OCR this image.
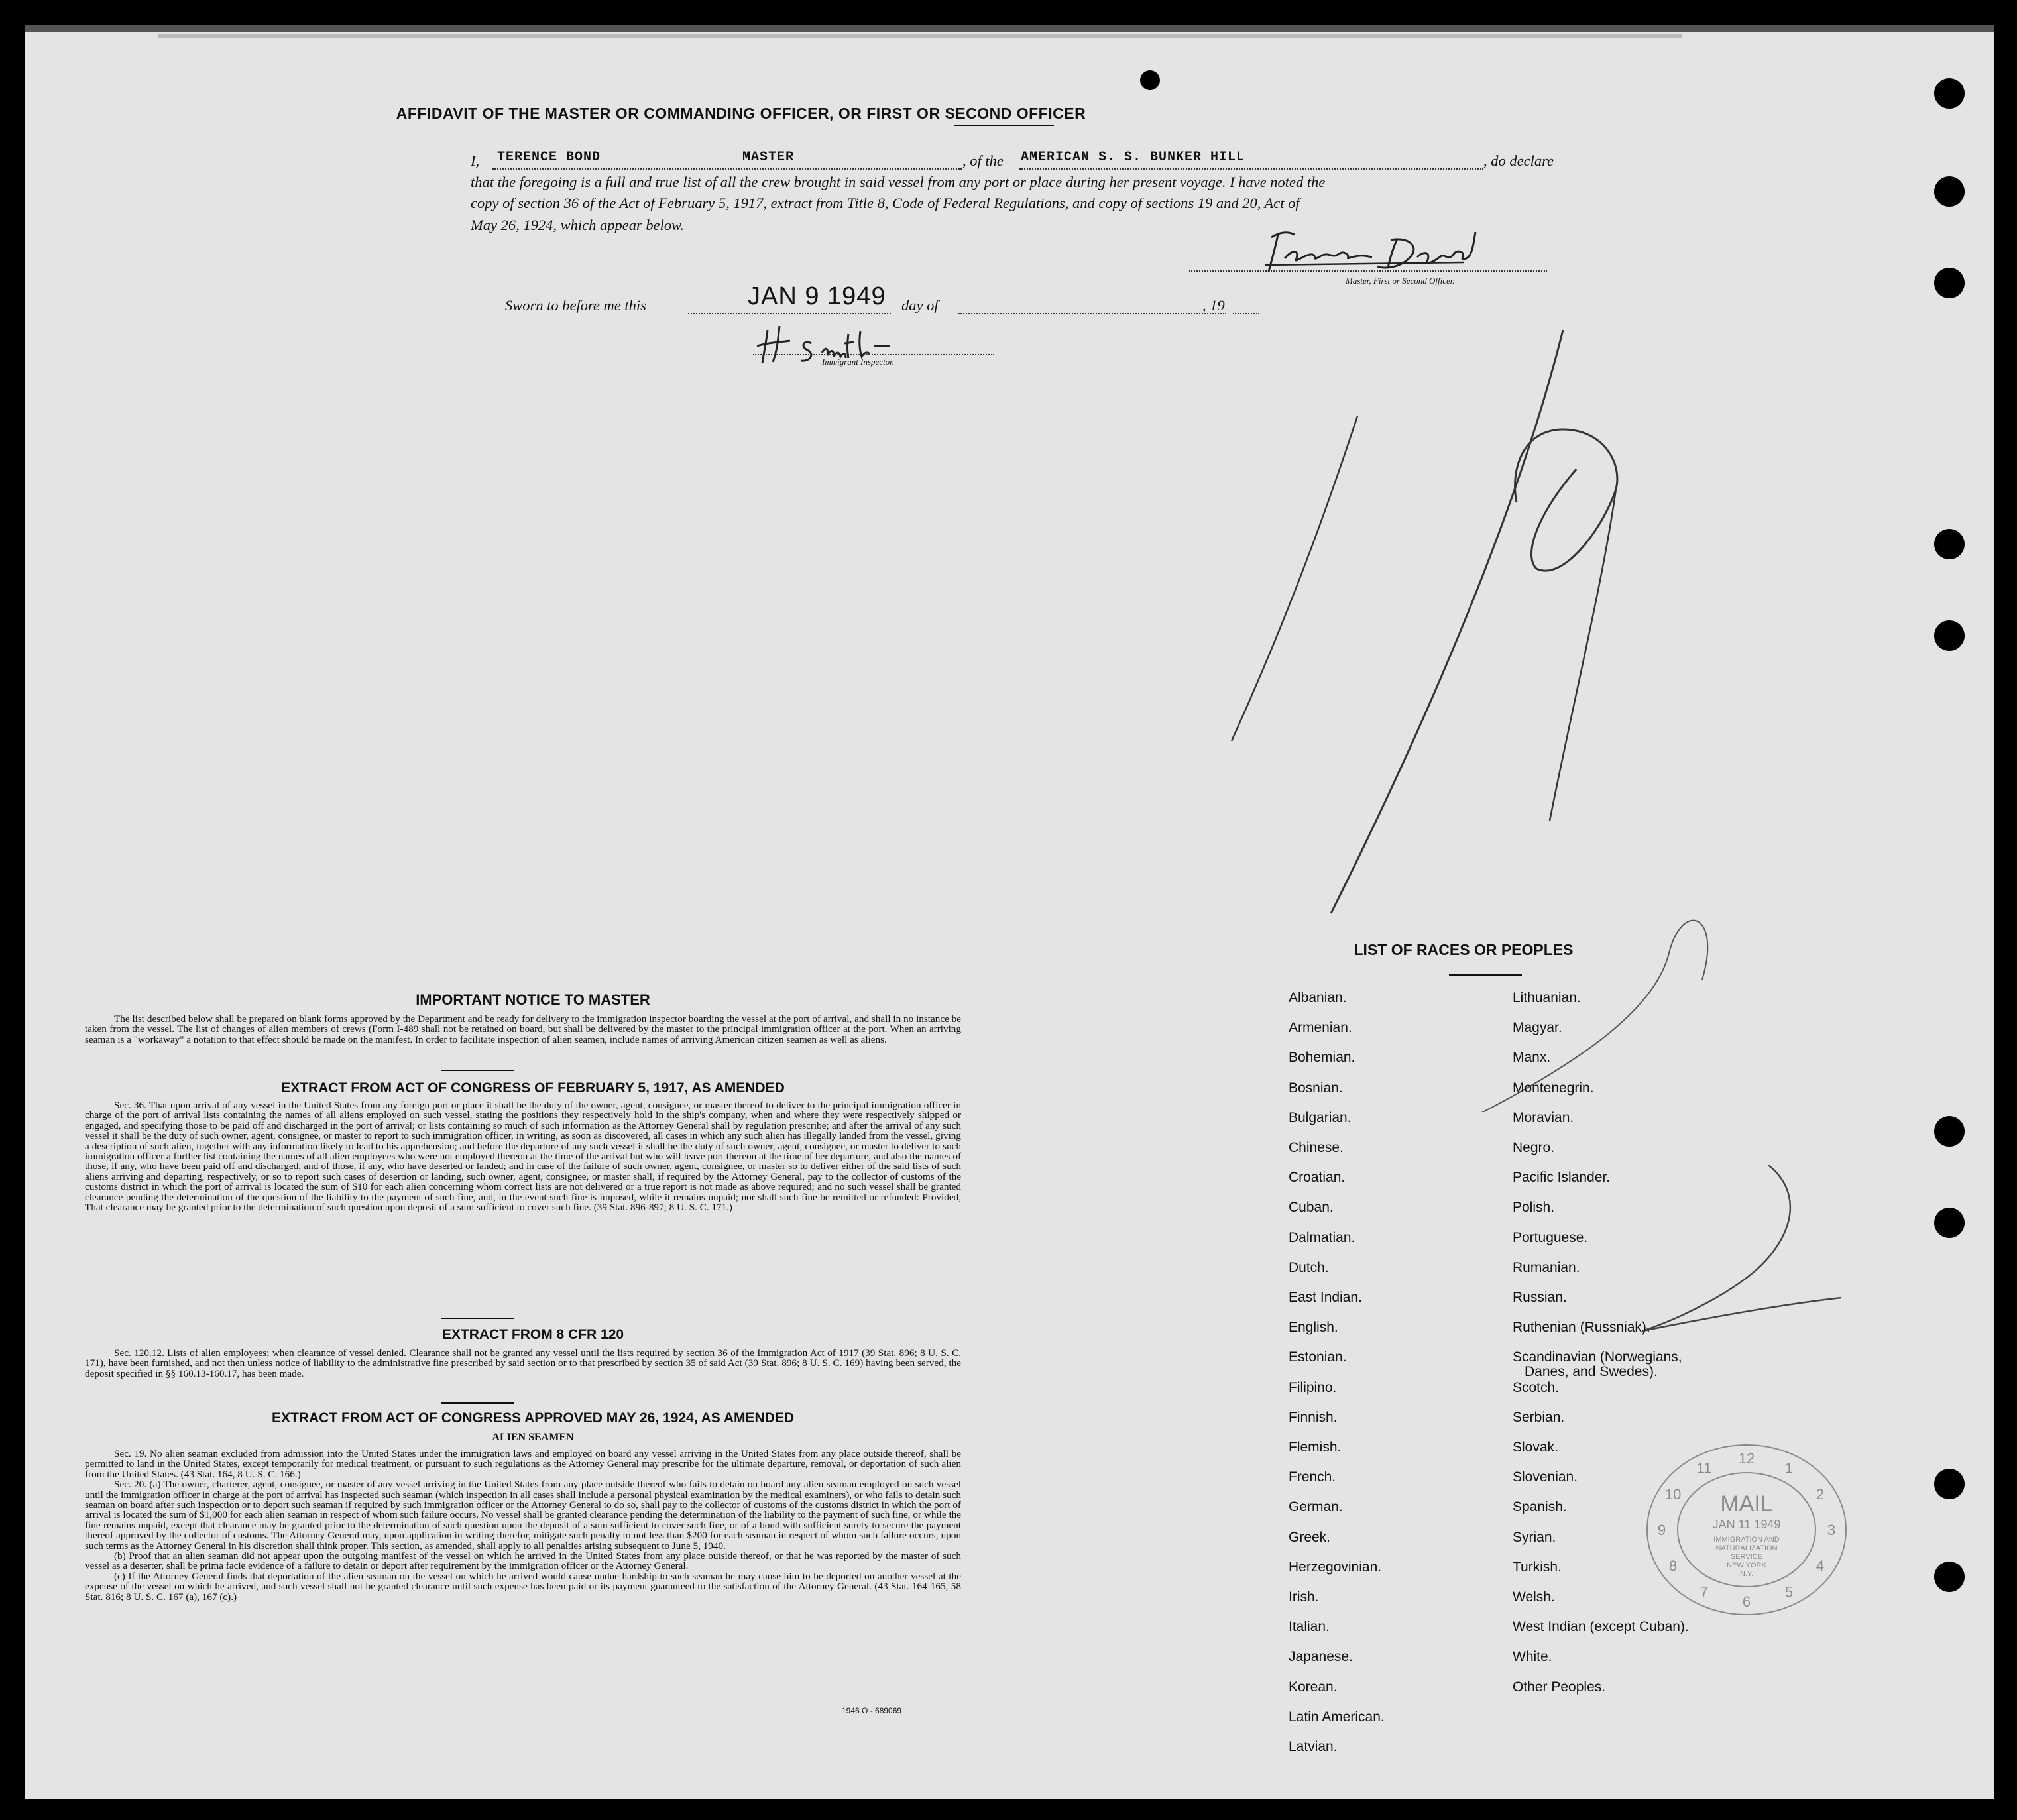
AFFIDAVIT OF THE MASTER OR COMMANDING OFFICER, OR FIRST OR SECOND OFFICER
I, TERENCE BOND	MASTER	, of the AMERICAN S. S. BUNKER HILL	, do declare
that the foregoing is a full and true list of all the crew brought in said vessel from any port or place during her present voyage. I have noted the
copy of section 36 of the Act of February 5, 1917, extract from Title 8, Code of Federal Regulations, and copy of sections 19 and 20, Act of
May 26, 1924, which appear below.
Master, First or Second Officer.
Sworn to before me this	JAN 9 1949 day of	, 19
Immigrant Inspector.
IMPORTANT NOTICE TO MASTER

The list described below shall be prepared on blank forms approved by the Department and be ready for delivery to the immigration inspector boarding the vessel at the port of arrival, and shall in no instance be taken from the vessel. The list of changes of alien members of crews (Form I-489 shall not be retained on board, but shall be delivered by the master to the principal immigration officer at the port. When an arriving seaman is a "workaway" a notation to that effect should be made on the manifest. In order to facilitate inspection of alien seamen, include names of arriving American citizen seamen as well as aliens.

EXTRACT FROM ACT OF CONGRESS OF FEBRUARY 5, 1917, AS AMENDED

Sec. 36. That upon arrival of any vessel in the United States from any foreign port or place it shall be the duty of the owner, agent, consignee, or master thereof to deliver to the principal immigration officer in charge of the port of arrival lists containing the names of all aliens employed on such vessel, stating the positions they respectively hold in the ship's company, when and where they were respectively shipped or engaged, and specifying those to be paid off and discharged in the port of arrival; or lists containing so much of such information as the Attorney General shall by regulation prescribe; and after the arrival of any such vessel it shall be the duty of such owner, agent, consignee, or master to report to such immigration officer, in writing, as soon as discovered, all cases in which any such alien has illegally landed from the vessel, giving a description of such alien, together with any information likely to lead to his apprehension; and before the departure of any such vessel it shall be the duty of such owner, agent, consignee, or master to deliver to such immigration officer a further list containing the names of all alien employees who were not employed thereon at the time of the arrival but who will leave port thereon at the time of her departure, and also the names of those, if any, who have been paid off and discharged, and of those, if any, who have deserted or landed; and in case of the failure of such owner, agent, consignee, or master so to deliver either of the said lists of such aliens arriving and departing, respectively, or so to report such cases of desertion or landing, such owner, agent, consignee, or master shall, if required by the Attorney General, pay to the collector of customs of the customs district in which the port of arrival is located the sum of $10 for each alien concerning whom correct lists are not delivered or a true report is not made as above required; and no such vessel shall be granted clearance pending the determination of the question of the liability to the payment of such fine, and, in the event such fine is imposed, while it remains unpaid; nor shall such fine be remitted or refunded: Provided, That clearance may be granted prior to the determination of such question upon deposit of a sum sufficient to cover such fine. (39 Stat. 896-897; 8 U. S. C. 171.)

EXTRACT FROM 8 CFR 120

Sec. 120.12. Lists of alien employees; when clearance of vessel denied. Clearance shall not be granted any vessel until the lists required by section 36 of the Immigration Act of 1917 (39 Stat. 896; 8 U. S. C. 171), have been furnished, and not then unless notice of liability to the administrative fine prescribed by said section or to that prescribed by section 35 of said Act (39 Stat. 896; 8 U. S. C. 169) having been served, the deposit specified in §§ 160.13-160.17, has been made.

EXTRACT FROM ACT OF CONGRESS APPROVED MAY 26, 1924, AS AMENDED
ALIEN SEAMEN

Sec. 19. No alien seaman excluded from admission into the United States under the immigration laws and employed on board any vessel arriving in the United States from any place outside thereof, shall be permitted to land in the United States, except temporarily for medical treatment, or pursuant to such regulations as the Attorney General may prescribe for the ultimate departure, removal, or deportation of such alien from the United States. (43 Stat. 164, 8 U. S. C. 166.)

Sec. 20. (a) The owner, charterer, agent, consignee, or master of any vessel arriving in the United States from any place outside thereof who fails to detain on board any alien seaman employed on such vessel until the immigration officer in charge at the port of arrival has inspected such seaman (which inspection in all cases shall include a personal physical examination by the medical examiners), or who fails to detain such seaman on board after such inspection or to deport such seaman if required by such immigration officer or the Attorney General to do so, shall pay to the collector of customs of the customs district in which the port of arrival is located the sum of $1,000 for each alien seaman in respect of whom such failure occurs. No vessel shall be granted clearance pending the determination of the liability to the payment of such fine, or while the fine remains unpaid, except that clearance may be granted prior to the determination of such question upon the deposit of a sum sufficient to cover such fine, or of a bond with sufficient surety to secure the payment thereof approved by the collector of customs. The Attorney General may, upon application in writing therefor, mitigate such penalty to not less than $200 for each seaman in respect of whom such failure occurs, upon such terms as the Attorney General in his discretion shall think proper. This section, as amended, shall apply to all penalties arising subsequent to June 5, 1940.

(b) Proof that an alien seaman did not appear upon the outgoing manifest of the vessel on which he arrived in the United States from any place outside thereof, or that he was reported by the master of such vessel as a deserter, shall be prima facie evidence of a failure to detain or deport after requirement by the immigration officer or the Attorney General.

(c) If the Attorney General finds that deportation of the alien seaman on the vessel on which he arrived would cause undue hardship to such seaman he may cause him to be deported on another vessel at the expense of the vessel on which he arrived, and such vessel shall not be granted clearance until such expense has been paid or its payment guaranteed to the satisfaction of the Attorney General. (43 Stat. 164-165, 58 Stat. 816; 8 U. S. C. 167 (a), 167 (c).)

1946 O - 689069
LIST OF RACES OR PEOPLES
12
1
2
3
4
5
6
7
8
9
10
11
MAIL
JAN 11 1949
IMMIGRATION AND
NATURALIZATION
SERVICE
NEW YORK
N.Y.
Albanian.
Armenian.
Bohemian.
Bosnian.
Bulgarian.
Chinese.
Croatian.
Cuban.
Dalmatian.
Dutch.
East Indian.
English.
Estonian.
Filipino.
Finnish.
Flemish.
French.
German.
Greek.
Herzegovinian.
Irish.
Italian.
Japanese.
Korean.
Latin American.
Latvian.
Lithuanian.
Magyar.
Manx.
Montenegrin.
Moravian.
Negro.
Pacific Islander.
Polish.
Portuguese.
Rumanian.
Russian.
Ruthenian (Russniak).
Scandinavian (Norwegians,
Danes, and Swedes).
Scotch.
Serbian.
Slovak.
Slovenian.
Spanish.
Syrian.
Turkish.
Welsh.
West Indian (except Cuban).
White.
Other Peoples.
